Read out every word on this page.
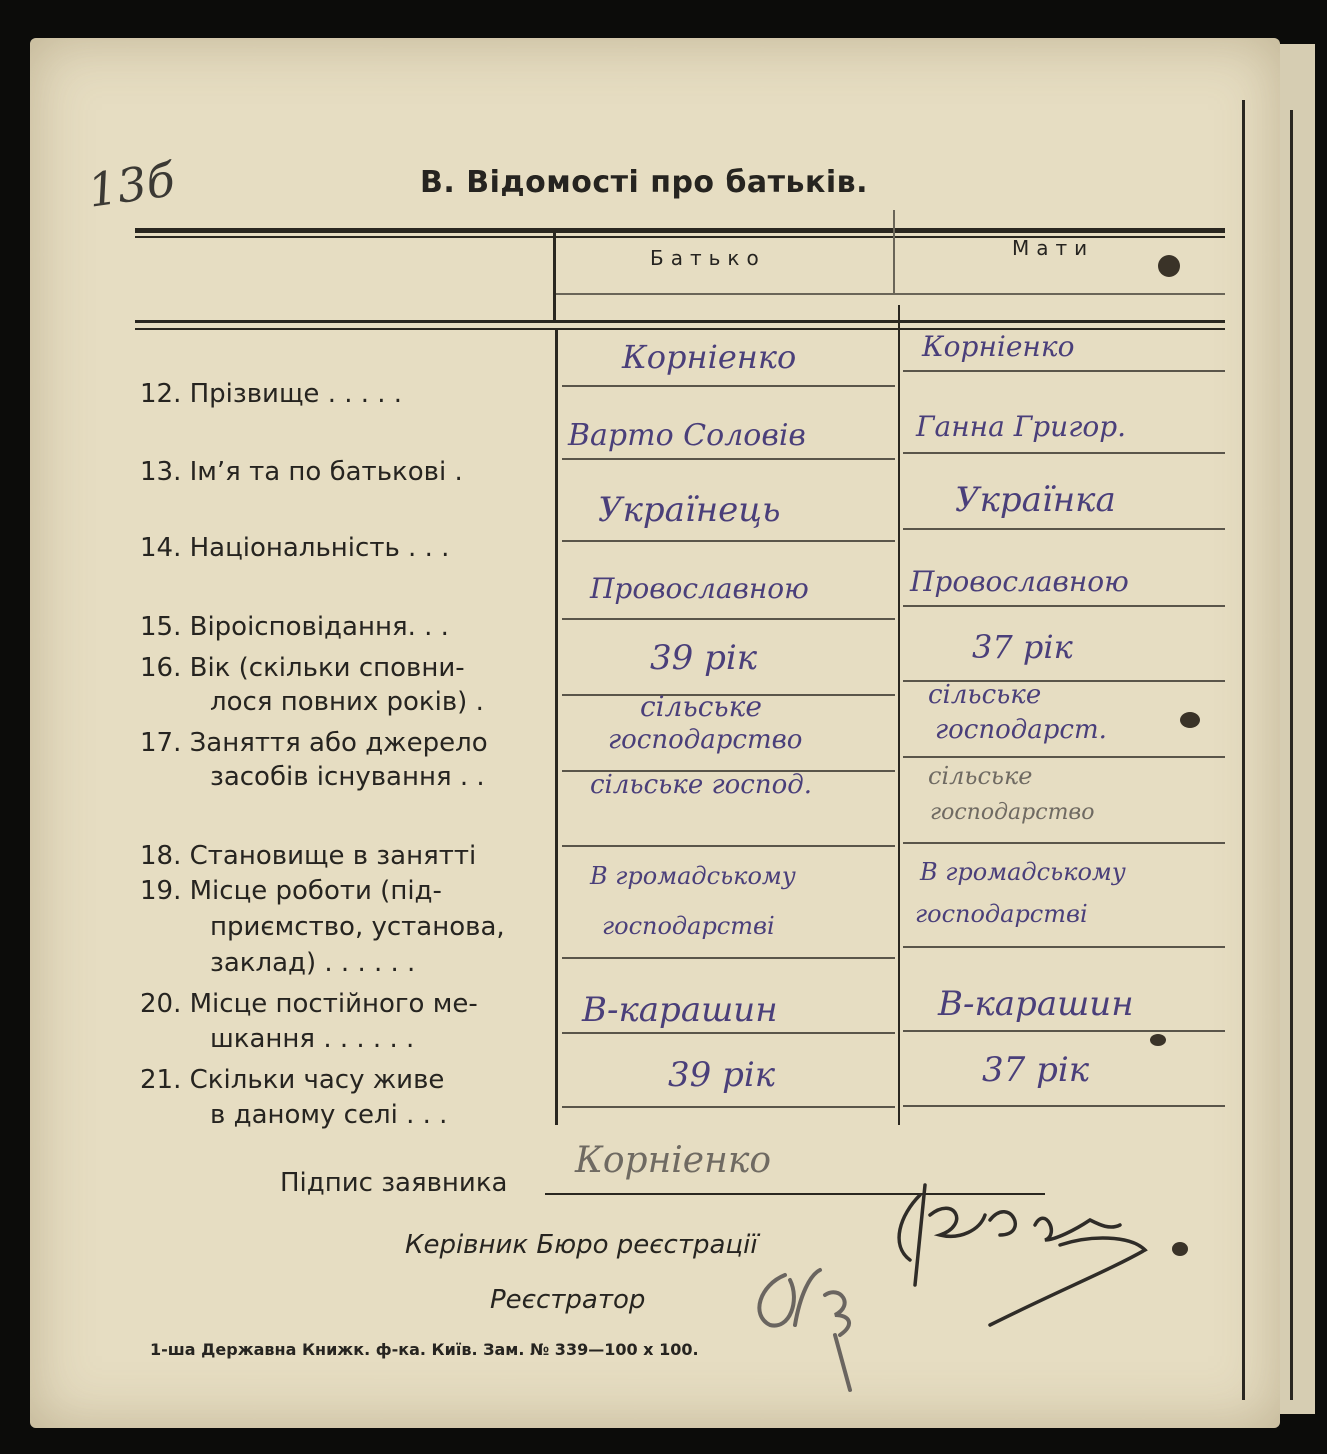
13б	В. Відомості про батьків.
Батько	Мати
12. Прізвище . . . . .
13. Ім’я та по батькові .
14. Національність . . .
15. Віроісповідання. . .
16. Вік (скільки сповни-
лося повних років) .
17. Заняття або джерело
засобів існування . .
18. Становище в занятті
19. Місце роботи (під-
приємство, установа,
заклад) . . . . . .
20. Місце постійного ме-
шкання . . . . . .
21. Скільки часу живе
в даному селі . . .
Корніенко
Варто Соловів
Українець
Провославною
39 рік
сільське
господарство
сільське господ.
В громадському
господарстві
В-карашин
39 рік
Корніенко
Ганна Григор.
Українка
Провославною
37 рік
сільське
господарст.
сільське
господарство
В громадському
господарстві
В-карашин
37 рік
Підпис заявника
Корніенко
Керівник Бюро реєстрації
Реєстратор
1-ша Державна Книжк. ф-ка. Київ. Зам. № 339—100 x 100.
